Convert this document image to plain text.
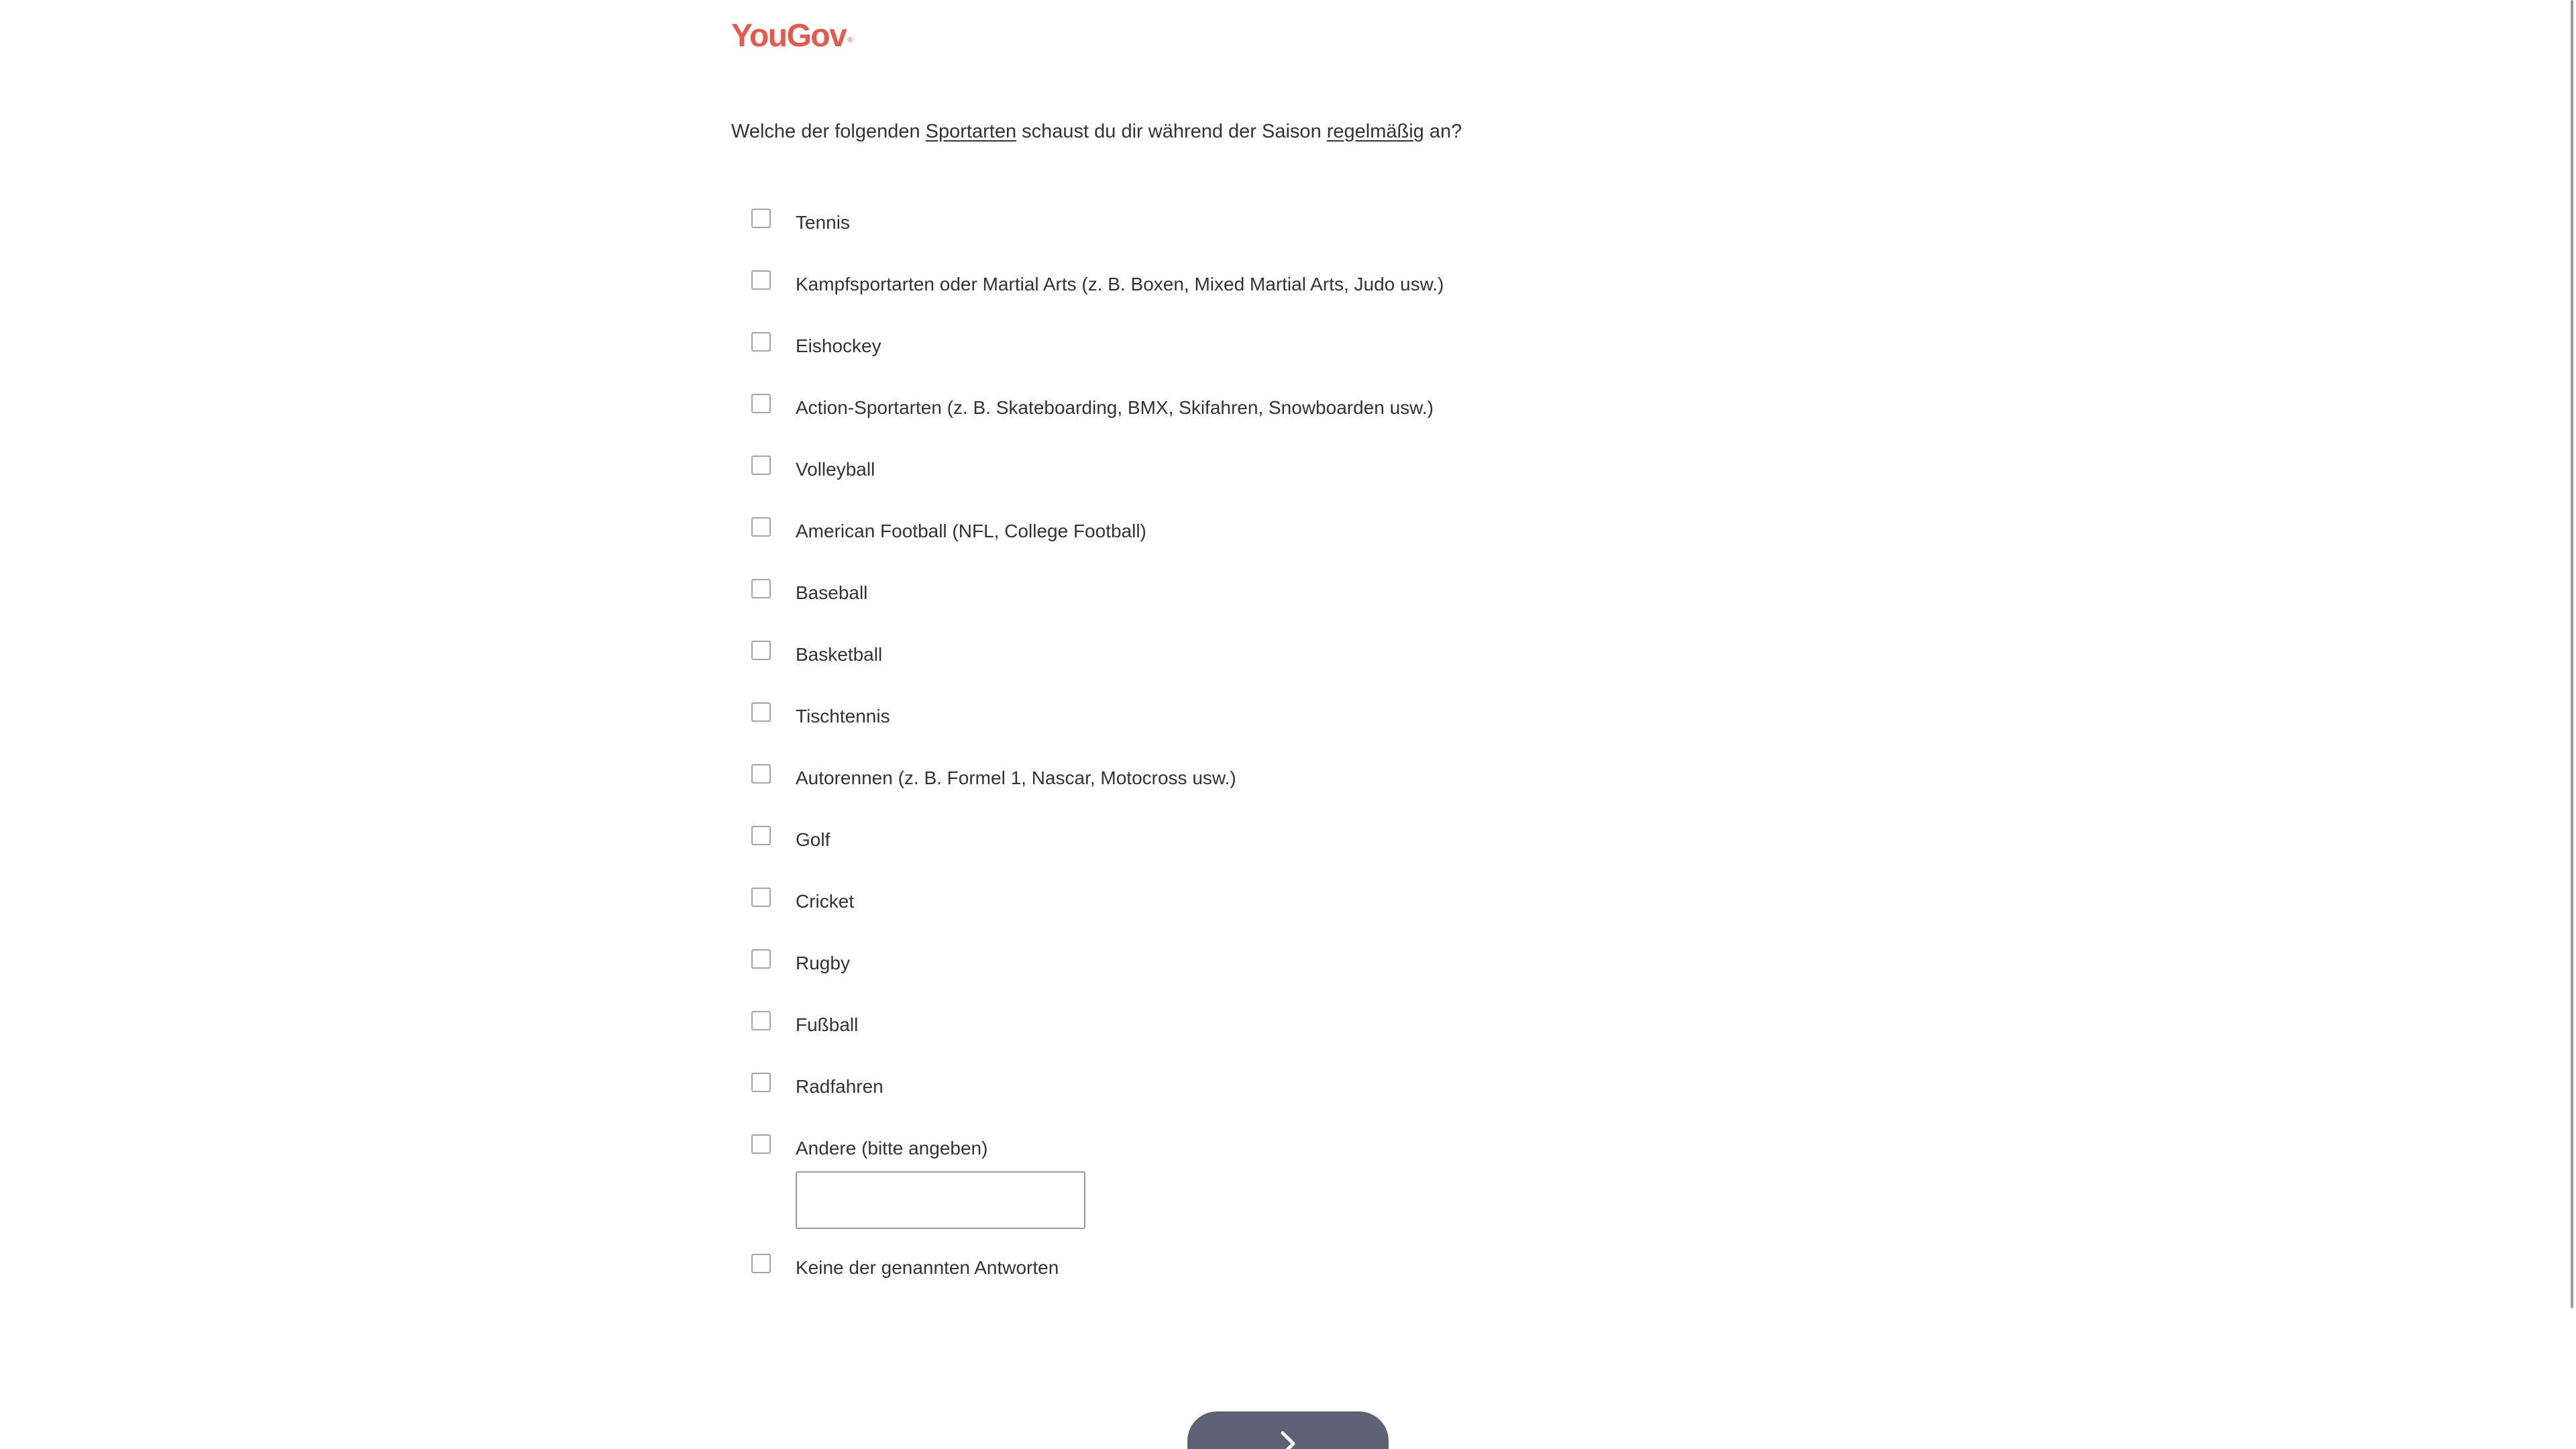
YouGov ®
Welche der folgenden Sportarten schaust du dir während der Saison regelmäßig an?
Tennis
Kampfsportarten oder Martial Arts (z. B. Boxen, Mixed Martial Arts, Judo usw.)
Eishockey
Action-Sportarten (z. B. Skateboarding, BMX, Skifahren, Snowboarden usw.)
Volleyball
American Football (NFL, College Football)
Baseball
Basketball
Tischtennis
Autorennen (z. B. Formel 1, Nascar, Motocross usw.)
Golf
Cricket
Rugby
Fußball
Radfahren
Andere (bitte angeben)
Keine der genannten Antworten
